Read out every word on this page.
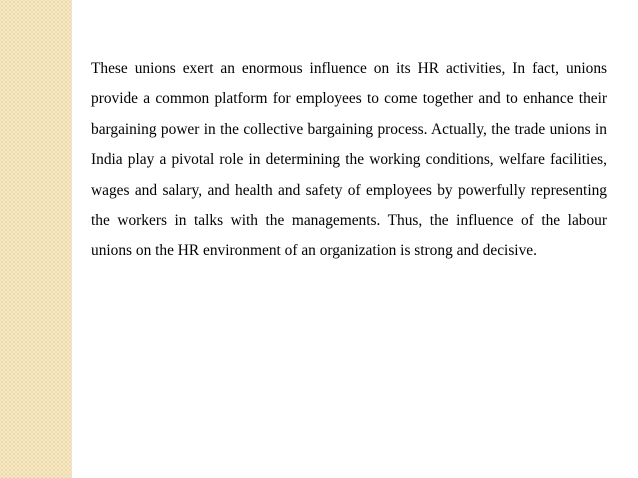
These unions exert an enormous influence on its HR activities, In fact, unions provide a common platform for employees to come together and to enhance their bargaining power in the collective bargaining process. Actually, the trade unions in India play a pivotal role in determining the working conditions, welfare facilities, wages and salary, and health and safety of employees by powerfully representing the workers in talks with the managements. Thus, the influence of the labour unions on the HR environment of an organization is strong and decisive.
